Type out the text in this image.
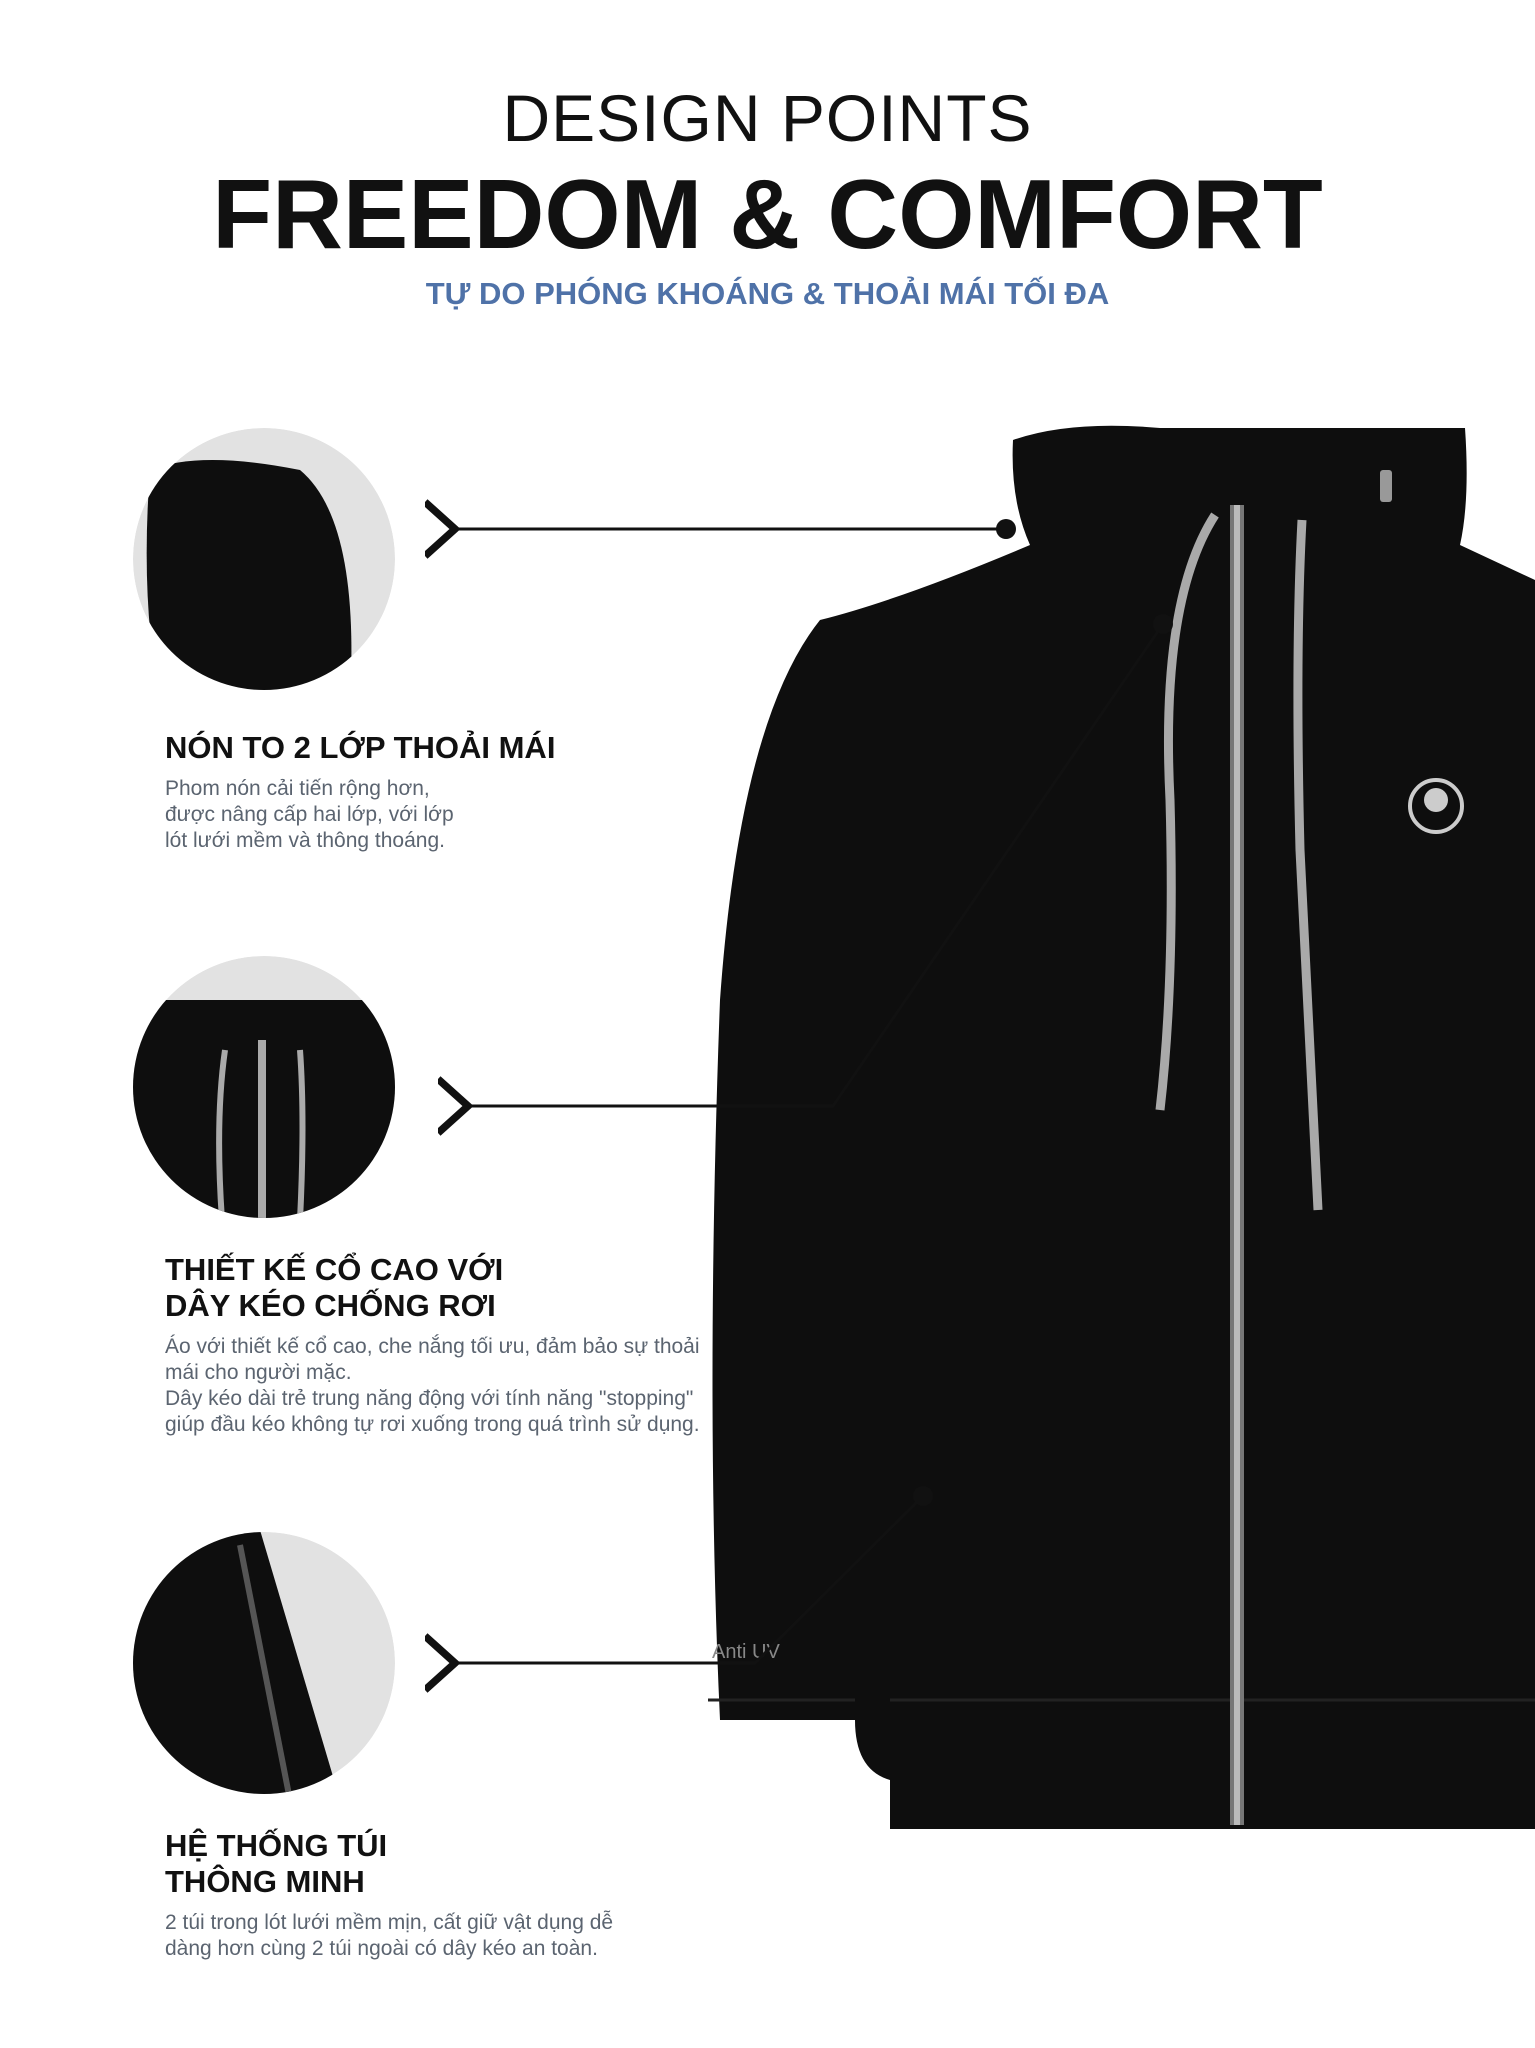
DESIGN POINTS
FREEDOM & COMFORT
TỰ DO PHÓNG KHOÁNG & THOẢI MÁI TỐI ĐA
Anti UV
NÓN TO 2 LỚP THOẢI MÁI

Phom nón cải tiến rộng hơn,
được nâng cấp hai lớp, với lớp
lót lưới mềm và thông thoáng.

THIẾT KẾ CỔ CAO VỚI
DÂY KÉO CHỐNG RƠI

Áo với thiết kế cổ cao, che nắng tối ưu, đảm bảo sự thoải
mái cho người mặc.
Dây kéo dài trẻ trung năng động với tính năng "stopping"
giúp đầu kéo không tự rơi xuống trong quá trình sử dụng.

HỆ THỐNG TÚI
THÔNG MINH

2 túi trong lót lưới mềm mịn, cất giữ vật dụng dễ
dàng hơn cùng 2 túi ngoài có dây kéo an toàn.
